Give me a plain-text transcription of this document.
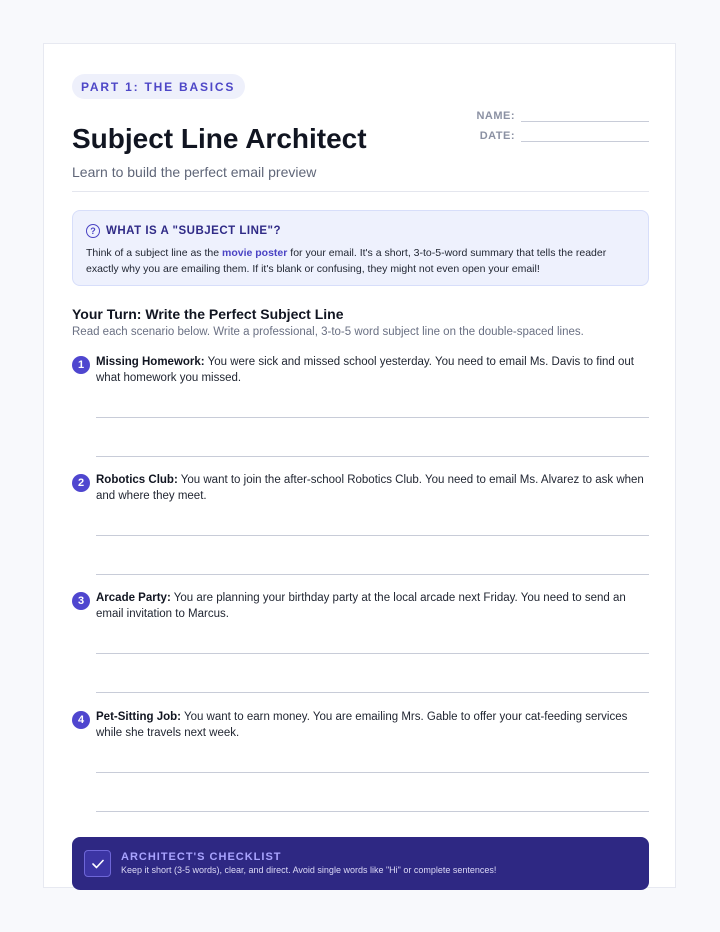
PART 1: THE BASICS
NAME:
DATE:
Subject Line Architect
Learn to build the perfect email preview
? WHAT IS A "SUBJECT LINE"?
Think of a subject line as the movie poster for your email. It's a short, 3-to-5-word summary that tells the reader exactly why you are emailing them. If it's blank or confusing, they might not even open your email!
Your Turn: Write the Perfect Subject Line
Read each scenario below. Write a professional, 3-to-5 word subject line on the double-spaced lines.
1	Missing Homework: You were sick and missed school yesterday. You need to email Ms. Davis to find out what homework you missed.
2	Robotics Club: You want to join the after-school Robotics Club. You need to email Ms. Alvarez to ask when and where they meet.
3	Arcade Party: You are planning your birthday party at the local arcade next Friday. You need to send an email invitation to Marcus.
4	Pet-Sitting Job: You want to earn money. You are emailing Mrs. Gable to offer your cat-feeding services while she travels next week.
ARCHITECT'S CHECKLIST
Keep it short (3-5 words), clear, and direct. Avoid single words like "Hi" or complete sentences!
